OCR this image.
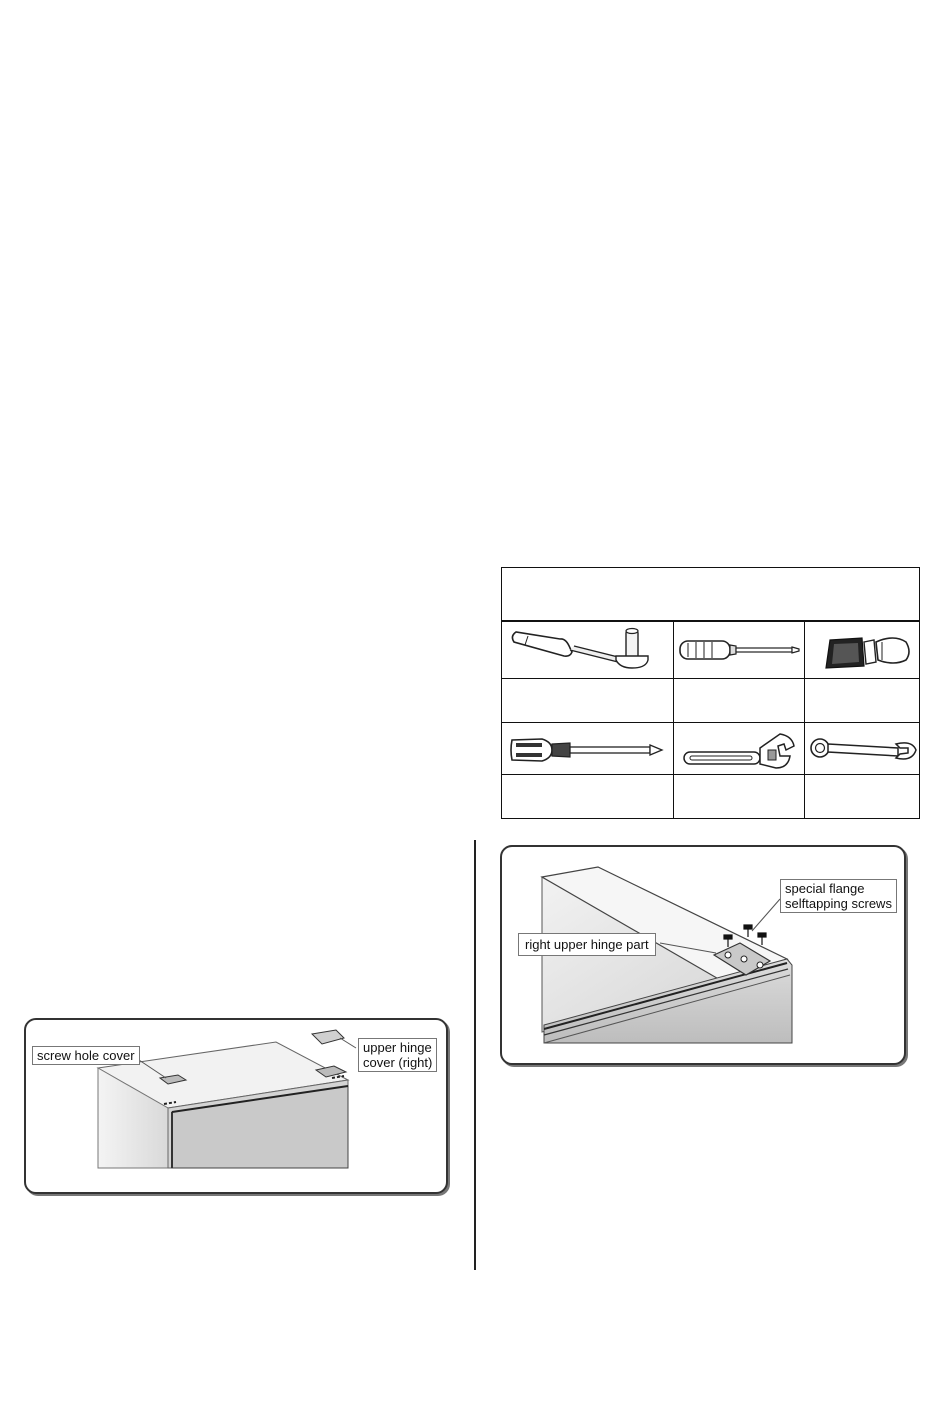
special flange
selftapping screws
right upper hinge part
screw hole cover
upper hinge
cover (right)
